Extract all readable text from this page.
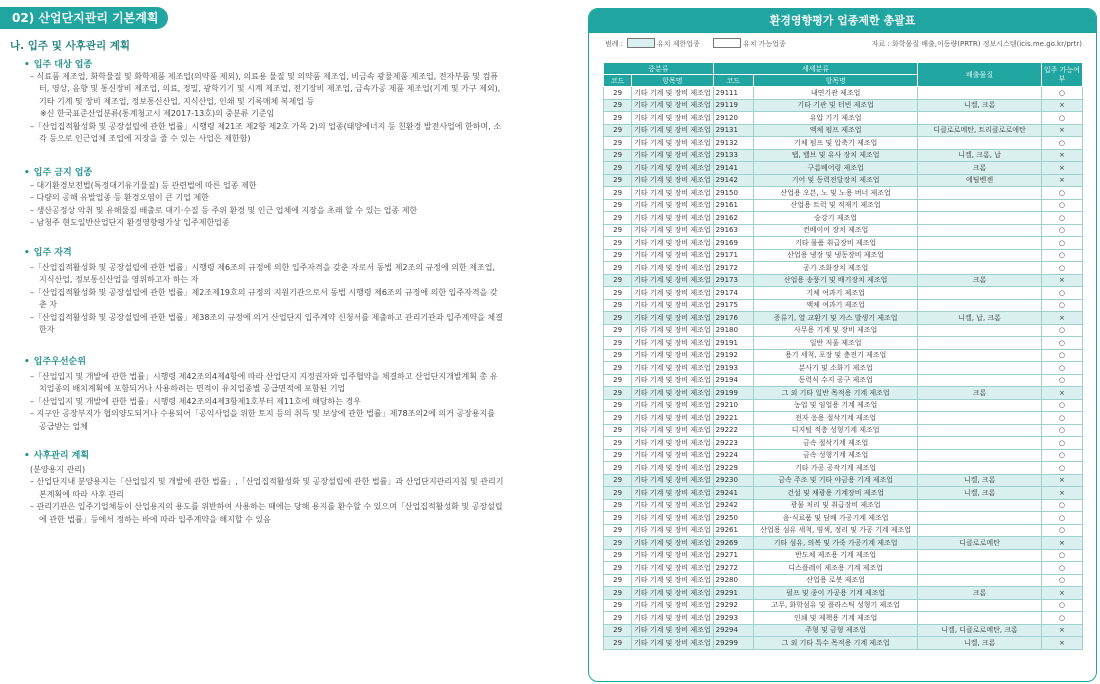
02) 산업단지관리 기본계획
나. 입주 및 사후관리 계획
• 입주 대상 업종
– 식료품 제조업, 화학물질 및 화학제품 제조업(의약품 제외), 의료용 물질 및 의약품 제조업, 비금속 광물제품 제조업, 전자부품 및 컴퓨터, 영상, 음향 및 통신장비 제조업, 의료, 정밀, 광학기기 및 시계 제조업, 전기장비 제조업, 금속가공 제품 제조업(기계 및 가구 제외), 기타 기계 및 장비 제조업, 정보통신산업, 지식산업, 인쇄 및 기록매체 복제업 등
※신 한국표준산업분류(통계청고시 제2017-13호)의 중분류 기준임
–「산업집적활성화 및 공장설립에 관한 법률」시행령 제21조 제2항 제2호 가목 2)의 업종(태양에너지 등 친환경 발전사업에 한하며, 소각 등으로 인근업체 조업에 지장을 줄 수 있는 사업은 제한함)
• 입주 금지 업종
– 대기환경보전법(특정대기유기물질) 등 관련법에 따른 업종 제한
– 다량의 공해 유발업종 등 환경오염이 큰 기업 제한
– 생산공정상 악취 및 유해물질 배출로 대기·수질 등 주위 환경 및 인근 업체에 지장을 초래 할 수 있는 업종 제한
– 남청주 현도일반산업단지 환경영향평가상 입주제한업종
• 입주 자격
–「산업집적활성화 및 공장설립에 관한 법률」시행령 제6조의 규정에 의한 입주자격을 갖춘 자로서 동법 제2조의 규정에 의한 제조업, 지식산업, 정보통신산업을 영위하고자 하는 자
–「산업집적활성화 및 공장설립에 관한 법률」제2조제19호의 규정의 지원기관으로서 동법 시행령 제6조의 규정에 의한 입주자격을 갖춘 자
–「산업집적활성화 및 공장설립에 관한 법률」제38조의 규정에 의거 산업단지 입주계약 신청서를 제출하고 관리기관과 입주계약을 체결한자
• 입주우선순위
–「산업입지 및 개발에 관한 법률」시행령 제42조의4제4항에 따라 산업단지 지정권자와 입주협약을 체결하고 산업단지개발계획 총 유치업종의 배치계획에 포함되거나 사용하려는 면적이 유치업종별 공급면적에 포함된 기업
–「산업입지 및 개발에 관한 법률」시행령 제42조의4제3항제1호부터 제11호에 해당하는 경우
– 지구안 공장부지가 협의양도되거나 수용되어「공익사업을 위한 토지 등의 취득 및 보상에 관한 법률」제78조의2에 의거 공장용지를 공급받는 업체
• 사후관리 계획
(분양용지 관리)
– 산업단지내 분양용지는「산업입지 및 개발에 관한 법률」,「산업집적활성화 및 공장설립에 관한 법률」과 산업단지관리지침 및 관리기본계획에 따라 사후 관리
– 관리기관은 입주기업체등이 산업용지의 용도를 위반하여 사용하는 때에는 당해 용지를 환수할 수 있으며「산업집적활성화 및 공장설립에 관한 법률」등에서 정하는 바에 따라 입주계약을 해지할 수 있음
환경영향평가 업종제한 총괄표
범례 :	유치 제한업종	유치 가능업종	자료 : 화학물질 배출,이동량(PRTR) 정보시스템(icis.me.go.kr/prtr)
중분류		세세분류		배출물질	입주 가능여부
코드	항목명	코드	항목명		
29	기타 기계 및 장비 제조업	29111	내연기관 제조업		○
29	기타 기계 및 장비 제조업	29119	기타 기관 및 터빈 제조업	니켈, 크롬	×
29	기타 기계 및 장비 제조업	29120	유압 기기 제조업		○
29	기타 기계 및 장비 제조업	29131	액체 펌프 제조업	디클로로메탄, 트리클로로에탄	×
29	기타 기계 및 장비 제조업	29132	기체 펌프 및 압축기 제조업		○
29	기타 기계 및 장비 제조업	29133	탭, 밸브 및 유사 장치 제조업	니켈, 크롬, 납	×
29	기타 기계 및 장비 제조업	29141	구름베어링 제조업	크롬	×
29	기타 기계 및 장비 제조업	29142	기어 및 동력전달장치 제조업	에틸벤젠	×
29	기타 기계 및 장비 제조업	29150	산업용 오븐, 노 및 노용 버너 제조업		○
29	기타 기계 및 장비 제조업	29161	산업용 트럭 및 적재기 제조업		○
29	기타 기계 및 장비 제조업	29162	승강기 제조업		○
29	기타 기계 및 장비 제조업	29163	컨베이어 장치 제조업		○
29	기타 기계 및 장비 제조업	29169	기타 물품 취급장비 제조업		○
29	기타 기계 및 장비 제조업	29171	산업용 냉장 및 냉동장비 제조업		○
29	기타 기계 및 장비 제조업	29172	공기 조화장치 제조업		○
29	기타 기계 및 장비 제조업	29173	산업용 송풍기 및 배기장치 제조업	크롬	×
29	기타 기계 및 장비 제조업	29174	기체 여과기 제조업		○
29	기타 기계 및 장비 제조업	29175	액체 여과기 제조업		○
29	기타 기계 및 장비 제조업	29176	증류기, 열 교환기 및 가스 발생기 제조업	니켈, 납, 크롬	×
29	기타 기계 및 장비 제조업	29180	사무용 기계 및 장비 제조업		○
29	기타 기계 및 장비 제조업	29191	일반 저울 제조업		○
29	기타 기계 및 장비 제조업	29192	용기 세척, 포장 및 충전기 제조업		○
29	기타 기계 및 장비 제조업	29193	분사기 및 소화기 제조업		○
29	기타 기계 및 장비 제조업	29194	동력식 수지 공구 제조업		○
29	기타 기계 및 장비 제조업	29199	그 외 기타 일반 목적용 기계 제조업	크롬	×
29	기타 기계 및 장비 제조업	29210	농업 및 임업용 기계 제조업		○
29	기타 기계 및 장비 제조업	29221	전자 응용 절삭기계 제조업		○
29	기타 기계 및 장비 제조업	29222	디지털 적층 성형기계 제조업		○
29	기타 기계 및 장비 제조업	29223	금속 절삭기계 제조업		○
29	기타 기계 및 장비 제조업	29224	금속 성형기계 제조업		○
29	기타 기계 및 장비 제조업	29229	기타 가공 공작기계 제조업		○
29	기타 기계 및 장비 제조업	29230	금속 주조 및 기타 야금용 기계 제조업	니켈, 크롬	×
29	기타 기계 및 장비 제조업	29241	건설 및 채광용 기계장비 제조업	니켈, 크롬	×
29	기타 기계 및 장비 제조업	29242	광물 처리 및 취급장비 제조업		○
29	기타 기계 및 장비 제조업	29250	음·식료품 및 담배 가공기계 제조업		○
29	기타 기계 및 장비 제조업	29261	산업용 섬유 세척, 염색, 정리 및 가공 기계 제조업		○
29	기타 기계 및 장비 제조업	29269	기타 섬유, 의복 및 가죽 가공기계 제조업	디클로로메탄	×
29	기타 기계 및 장비 제조업	29271	반도체 제조용 기계 제조업		○
29	기타 기계 및 장비 제조업	29272	디스플레이 제조용 기계 제조업		○
29	기타 기계 및 장비 제조업	29280	산업용 로봇 제조업		○
29	기타 기계 및 장비 제조업	29291	펄프 및 종이 가공용 기계 제조업	크롬	×
29	기타 기계 및 장비 제조업	29292	고무, 화학섬유 및 플라스틱 성형기 제조업		○
29	기타 기계 및 장비 제조업	29293	인쇄 및 제책용 기계 제조업		○
29	기타 기계 및 장비 제조업	29294	주형 및 금형 제조업	니켈, 디클로로메탄, 크롬	×
29	기타 기계 및 장비 제조업	29299	그 외 기타 특수 목적용 기계 제조업	니켈, 크롬	×
